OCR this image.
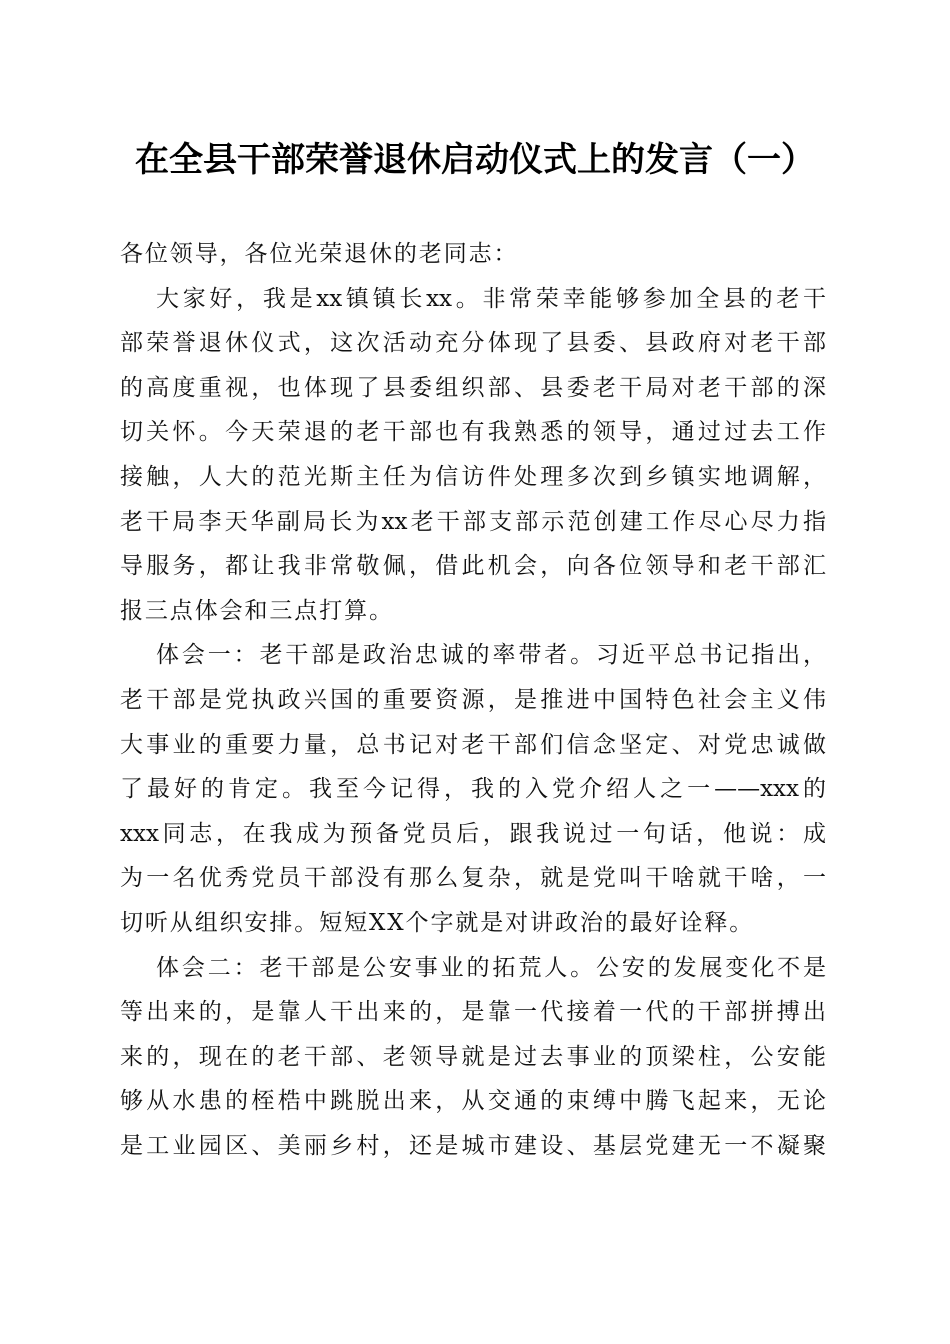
在全县干部荣誉退休启动仪式上的发言（一）
各位领导，各位光荣退休的老同志：
大家好，我是xx镇镇长xx。非常荣幸能够参加全县的老干
部荣誉退休仪式，这次活动充分体现了县委、县政府对老干部
的高度重视，也体现了县委组织部、县委老干局对老干部的深
切关怀。今天荣退的老干部也有我熟悉的领导，通过过去工作
接触，人大的范光斯主任为信访件处理多次到乡镇实地调解，
老干局李天华副局长为xx老干部支部示范创建工作尽心尽力指
导服务，都让我非常敬佩，借此机会，向各位领导和老干部汇
报三点体会和三点打算。
体会一：老干部是政治忠诚的率带者。习近平总书记指出，
老干部是党执政兴国的重要资源，是推进中国特色社会主义伟
大事业的重要力量，总书记对老干部们信念坚定、对党忠诚做
了最好的肯定。我至今记得，我的入党介绍人之一——xxx的
xxx同志，在我成为预备党员后，跟我说过一句话，他说：成
为一名优秀党员干部没有那么复杂，就是党叫干啥就干啥，一
切听从组织安排。短短XX个字就是对讲政治的最好诠释。
体会二：老干部是公安事业的拓荒人。公安的发展变化不是
等出来的，是靠人干出来的，是靠一代接着一代的干部拼搏出
来的，现在的老干部、老领导就是过去事业的顶梁柱，公安能
够从水患的桎梏中跳脱出来，从交通的束缚中腾飞起来，无论
是工业园区、美丽乡村，还是城市建设、基层党建无一不凝聚
